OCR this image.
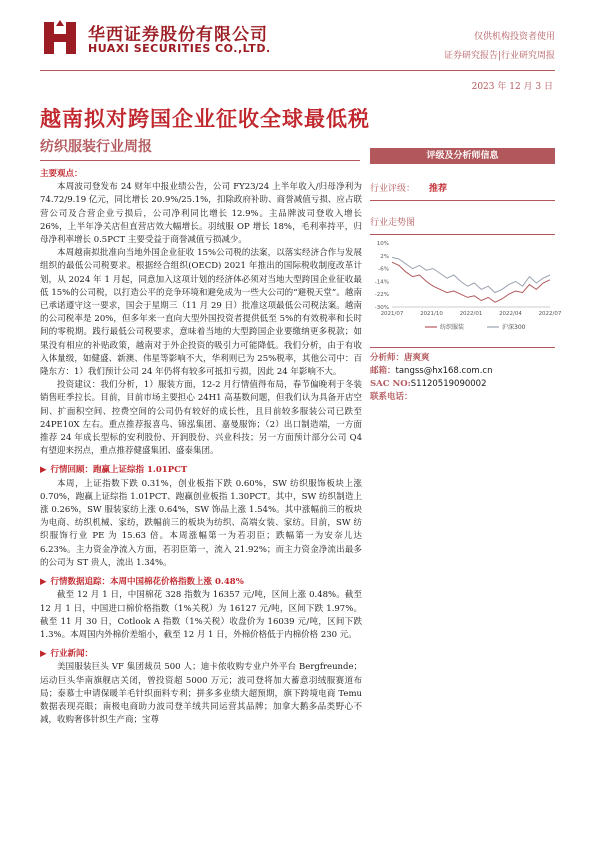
华西证券股份有限公司
HUAXI SECURITIES CO.,LTD.
仅供机构投资者使用
证券研究报告|行业研究周报
2023 年 12 月 3 日
越南拟对跨国企业征收全球最低税
纺织服装行业周报

主要观点：

本周波司登发布 24 财年中报业绩公告，公司 FY23/24 上半年收入/归母净利为 74.72/9.19 亿元，同比增长 20.9%/25.1%，扣除政府补助、商誉减值亏损、应占联营公司及合营企业亏损后，公司净利同比增长 12.9%。主品牌波司登收入增长 26%，上半年净关店但直营店效大幅增长。羽绒服 OP 增长 18%，毛利率持平，归母净利率增长 0.5PCT 主要受益于商誉减值亏损减少。

本周越南拟批准向当地外国企业征收 15%公司税的法案，以落实经济合作与发展组织的最低公司税要求。根据经合组织(OECD) 2021 年推出的国际税收制度改革计划，从 2024 年 1 月起，同意加入这项计划的经济体必须对当地大型跨国企业征收最低 15%的公司税，以打造公平的竞争环境和避免成为一些大公司的“避税天堂”。越南已承诺遵守这一要求，国会于星期三（11 月 29 日）批准这项最低公司税法案。越南的公司税率是 20%，但多年来一直向大型外国投资者提供低至 5%的有效税率和长时间的零税期。践行最低公司税要求，意味着当地的大型跨国企业要缴纳更多税款；如果没有相应的补贴政策，越南对于外企投资的吸引力可能降低。我们分析，由于有收入体量级，如健盛、新澳、伟星等影响不大，华利则已为 25%税率，其他公司中：百隆东方：1）我们预计公司 24 年仍将有较多可抵扣亏损，因此 24 年影响不大。

投资建议：我们分析，1）服装方面，12-2 月行情值得布局，春节偏晚利于冬装销售旺季拉长。目前，目前市场主要担心 24H1 高基数问题，但我们认为具备开店空间、扩面积空间、控费空间的公司仍有较好的成长性，且目前较多服装公司已跌至 24PE10X 左右。重点推荐报喜鸟、锦泓集团、嘉曼服饰；（2）出口制造端，一方面推荐 24 年成长型标的安利股份、开润股份、兴业科技；另一方面预计部分公司 Q4 有望迎来拐点，重点推荐健盛集团、盛泰集团。

▶ 行情回顾：跑赢上证综指 1.01PCT

本周，上证指数下跌 0.31%，创业板指下跌 0.60%，SW 纺织服饰板块上涨 0.70%，跑赢上证综指 1.01PCT、跑赢创业板指 1.30PCT。其中，SW 纺织制造上涨 0.26%，SW 服装家纺上涨 0.64%，SW 饰品上涨 1.54%。其中涨幅前三的板块为电商、纺织机械、家纺，跌幅前三的板块为纺织、高端女装、家纺。目前，SW 纺织服饰行业 PE 为 15.63 倍。本周涨幅第一为若羽臣；跌幅第一为安奈儿达 6.23%。主力资金净流入方面，若羽臣第一，流入 21.92%；而主力资金净流出最多的公司为 ST 贵人，流出 1.34%。

▶ 行情数据追踪：本周中国棉花价格指数上涨 0.48%

截至 12 月 1 日，中国棉花 328 指数为 16357 元/吨，区间上涨 0.48%。截至 12 月 1 日，中国进口棉价格指数（1%关税）为 16127 元/吨，区间下跌 1.97%。截至 11 月 30 日，Cotlook A 指数（1%关税）收盘价为 16039 元/吨，区间下跌 1.3%。本周国内外棉价差缩小，截至 12 月 1 日，外棉价格低于内棉价格 230 元。

▶ 行业新闻：

美国服装巨头 VF 集团裁员 500 人；迪卡侬收购专业户外平台 Bergfreunde；运动巨头华南旗舰店关闭，曾投资超 5000 万元；波司登将加大蓄意羽绒服赛道布局；泰慕士申请保暖羊毛针织面料专利；拼多多业绩大超预期，旗下跨境电商 Temu 数据表现亮眼；南极电商助力波司登羊绒共同运营其品牌；加拿大鹅多品类野心不减，收购奢侈针织生产商；宝尊

评级及分析师信息
行业评级： 推荐
行业走势图
10%
2%
-6%
-14%
-22%
-30%
2021/07	2021/10	2022/01	2022/04	2022/07
纺织服装	沪深300
分析师：唐爽爽
邮箱：tangss@hx168.com.cn
SAC NO:S1120519090002
联系电话：
